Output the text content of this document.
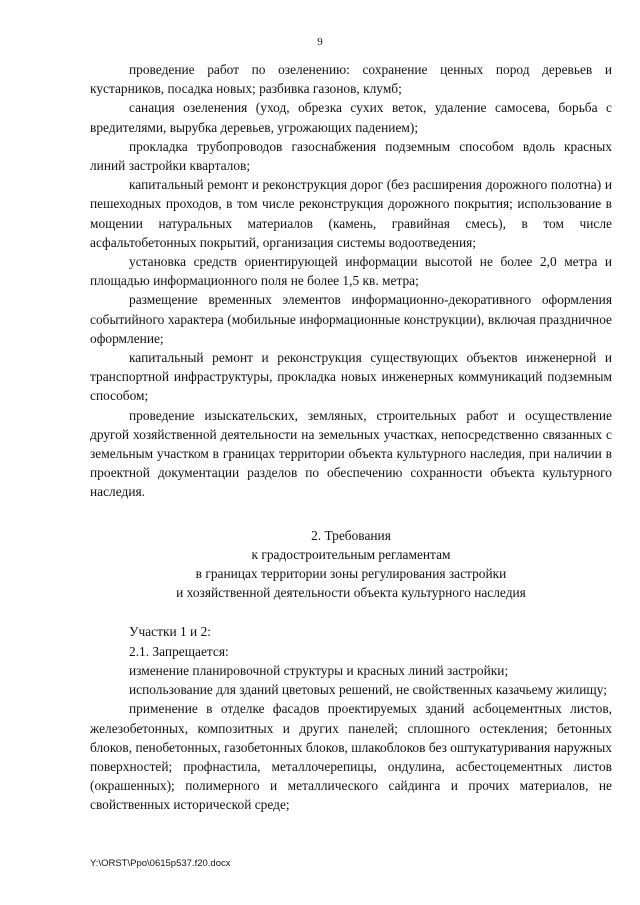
9

проведение работ по озеленению: сохранение ценных пород деревьев и кустарников, посадка новых; разбивка газонов, клумб;

санация озеленения (уход, обрезка сухих веток, удаление самосева, борьба с вредителями, вырубка деревьев, угрожающих падением);

прокладка трубопроводов газоснабжения подземным способом вдоль красных линий застройки кварталов;

капитальный ремонт и реконструкция дорог (без расширения дорожного полотна) и пешеходных проходов, в том числе реконструкция дорожного покрытия; использование в мощении натуральных материалов (камень, гравийная смесь), в том числе асфальтобетонных покрытий, организация системы водоотведения;

установка средств ориентирующей информации высотой не более 2,0 метра и площадью информационного поля не более 1,5 кв. метра;

размещение временных элементов информационно-декоративного оформления событийного характера (мобильные информационные конструкции), включая праздничное оформление;

капитальный ремонт и реконструкция существующих объектов инженерной и транспортной инфраструктуры, прокладка новых инженерных коммуникаций подземным способом;

проведение изыскательских, земляных, строительных работ и осуществление другой хозяйственной деятельности на земельных участках, непосредственно связанных с земельным участком в границах территории объекта культурного наследия, при наличии в проектной документации разделов по обеспечению сохранности объекта культурного наследия.

2. Требования
к градостроительным регламентам
в границах территории зоны регулирования застройки
и хозяйственной деятельности объекта культурного наследия

Участки 1 и 2:

2.1. Запрещается:

изменение планировочной структуры и красных линий застройки;

использование для зданий цветовых решений, не свойственных казачьему жилищу;

применение в отделке фасадов проектируемых зданий асбоцементных листов, железобетонных, композитных и других панелей; сплошного остекления; бетонных блоков, пенобетонных, газобетонных блоков, шлакоблоков без оштукатуривания наружных поверхностей; профнастила, металлочерепицы, ондулина, асбестоцементных листов (окрашенных); полимерного и металлического сайдинга и прочих материалов, не свойственных исторической среде;

Y:\ORST\Ppo\0615p537.f20.docx
